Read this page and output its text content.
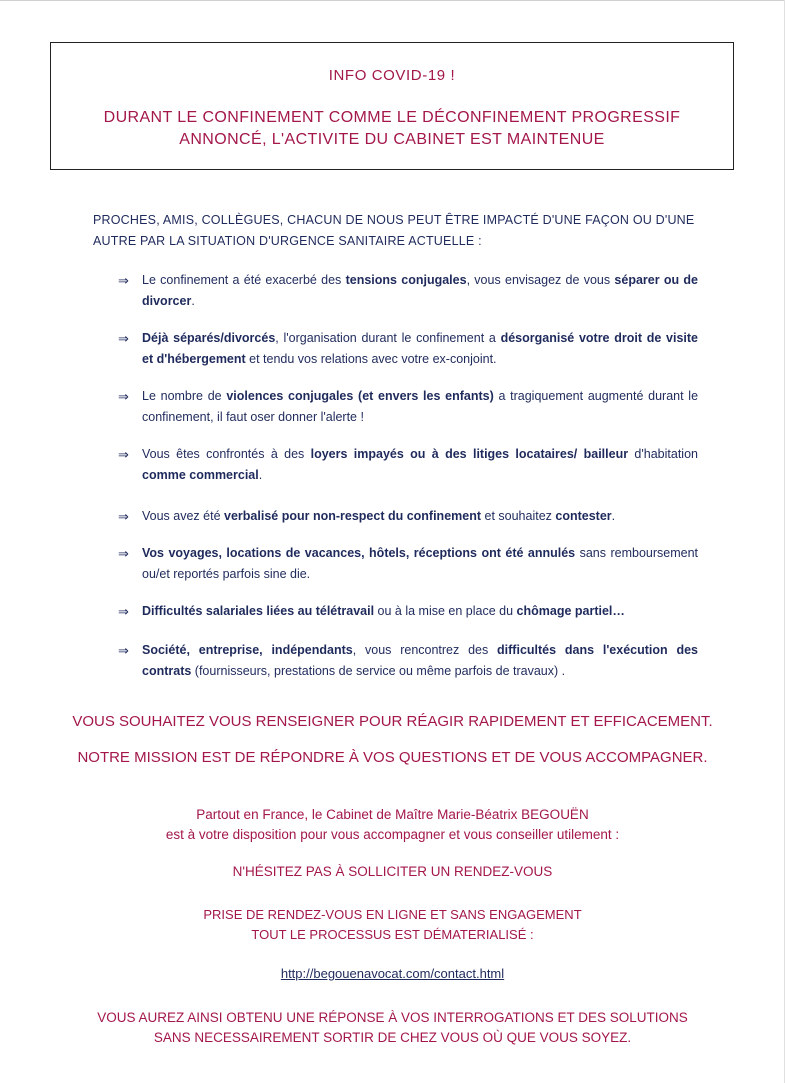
INFO COVID-19 !
DURANT LE CONFINEMENT COMME LE DÉCONFINEMENT PROGRESSIF
ANNONCÉ, L'ACTIVITE DU CABINET EST MAINTENUE
PROCHES, AMIS, COLLÈGUES, CHACUN DE NOUS PEUT ÊTRE IMPACTÉ D'UNE FAÇON OU D'UNE
AUTRE PAR LA SITUATION D'URGENCE SANITAIRE ACTUELLE :
⇒	Le confinement a été exacerbé des tensions conjugales, vous envisagez de vous séparer ou de divorcer.
⇒	Déjà séparés/divorcés, l'organisation durant le confinement a désorganisé votre droit de visite et d'hébergement et tendu vos relations avec votre ex-conjoint.
⇒	Le nombre de violences conjugales (et envers les enfants) a tragiquement augmenté durant le confinement, il faut oser donner l'alerte !
⇒	Vous êtes confrontés à des loyers impayés ou à des litiges locataires/ bailleur d'habitation comme commercial.
⇒	Vous avez été verbalisé pour non-respect du confinement et souhaitez contester.
⇒	Vos voyages, locations de vacances, hôtels, réceptions ont été annulés sans remboursement ou/et reportés parfois sine die.
⇒	Difficultés salariales liées au télétravail ou à la mise en place du chômage partiel…
⇒	Société, entreprise, indépendants, vous rencontrez des difficultés dans l'exécution des contrats (fournisseurs, prestations de service ou même parfois de travaux) .
VOUS SOUHAITEZ VOUS RENSEIGNER POUR RÉAGIR RAPIDEMENT ET EFFICACEMENT.
NOTRE MISSION EST DE RÉPONDRE À VOS QUESTIONS ET DE VOUS ACCOMPAGNER.
Partout en France, le Cabinet de Maître Marie-Béatrix BEGOUËN
est à votre disposition pour vous accompagner et vous conseiller utilement :
N'HÉSITEZ PAS À SOLLICITER UN RENDEZ-VOUS
PRISE DE RENDEZ-VOUS EN LIGNE ET SANS ENGAGEMENT
TOUT LE PROCESSUS EST DÉMATERIALISÉ :
http://begouenavocat.com/contact.html
VOUS AUREZ AINSI OBTENU UNE RÉPONSE À VOS INTERROGATIONS ET DES SOLUTIONS
SANS NECESSAIREMENT SORTIR DE CHEZ VOUS OÙ QUE VOUS SOYEZ.
